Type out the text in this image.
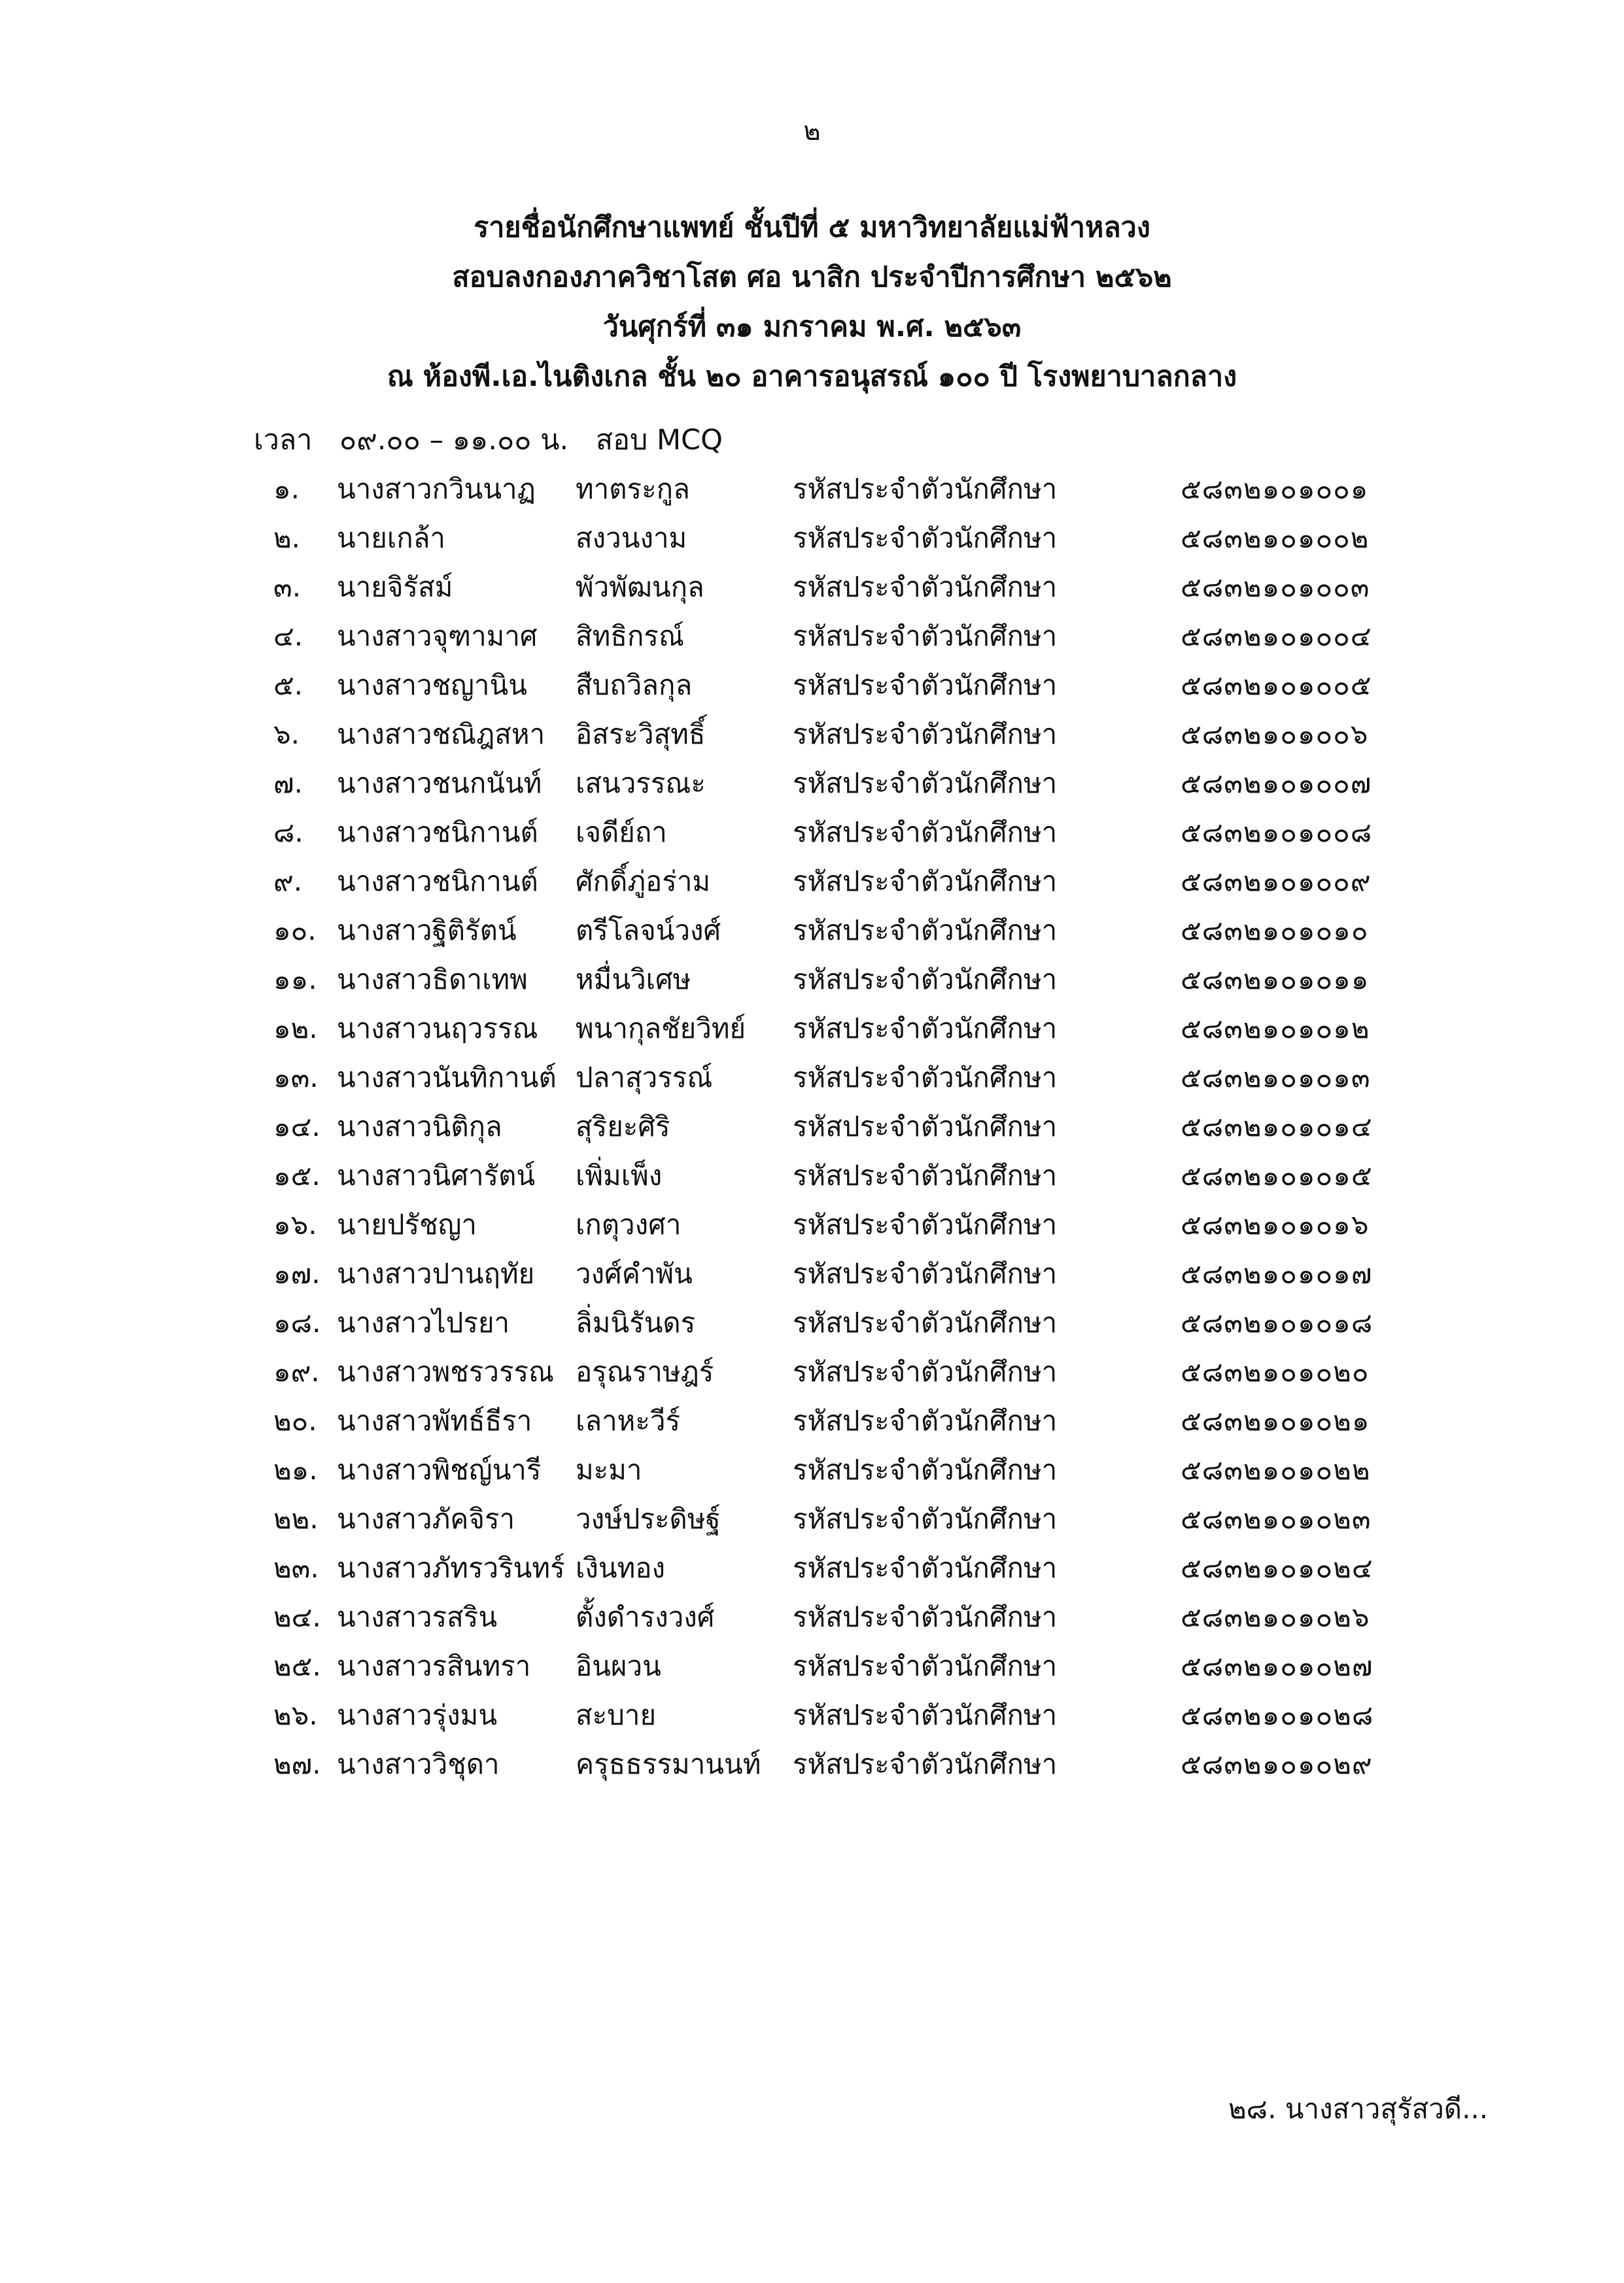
๒
รายชื่อนักศึกษาแพทย์ ชั้นปีที่ ๕ มหาวิทยาลัยแม่ฟ้าหลวง
สอบลงกองภาควิชาโสต ศอ นาสิก ประจำปีการศึกษา ๒๕๖๒
วันศุกร์ที่ ๓๑ มกราคม พ.ศ. ๒๕๖๓
ณ ห้องพี.เอ.ไนติงเกล ชั้น ๒๐ อาคารอนุสรณ์ ๑๐๐ ปี โรงพยาบาลกลาง
เวลา ๐๙.๐๐ – ๑๑.๐๐ น. สอบ MCQ
๑. นางสาวกวินนาฏ ทาตระกูล	รหัสประจำตัวนักศึกษา	๕๘๓๒๑๐๑๐๐๑
๒. นายเกล้า	สงวนงาม	รหัสประจำตัวนักศึกษา	๕๘๓๒๑๐๑๐๐๒
๓. นายจิรัสม์	พัวพัฒนกุล	รหัสประจำตัวนักศึกษา	๕๘๓๒๑๐๑๐๐๓
๔. นางสาวจุฑามาศ สิทธิกรณ์	รหัสประจำตัวนักศึกษา	๕๘๓๒๑๐๑๐๐๔
๕. นางสาวชญานิน สืบถวิลกุล	รหัสประจำตัวนักศึกษา	๕๘๓๒๑๐๑๐๐๕
๖. นางสาวชณิฎสหา อิสระวิสุทธิ์	รหัสประจำตัวนักศึกษา	๕๘๓๒๑๐๑๐๐๖
๗. นางสาวชนกนันท์ เสนวรรณะ	รหัสประจำตัวนักศึกษา	๕๘๓๒๑๐๑๐๐๗
๘. นางสาวชนิกานต์ เจดีย์ถา	รหัสประจำตัวนักศึกษา	๕๘๓๒๑๐๑๐๐๘
๙. นางสาวชนิกานต์ ศักดิ์ภู่อร่าม	รหัสประจำตัวนักศึกษา	๕๘๓๒๑๐๑๐๐๙
๑๐. นางสาวฐิติรัตน์ ตรีโลจน์วงศ์	รหัสประจำตัวนักศึกษา	๕๘๓๒๑๐๑๐๑๐
๑๑. นางสาวธิดาเทพ หมื่นวิเศษ	รหัสประจำตัวนักศึกษา	๕๘๓๒๑๐๑๐๑๑
๑๒. นางสาวนฤวรรณ พนากุลชัยวิทย์ รหัสประจำตัวนักศึกษา	๕๘๓๒๑๐๑๐๑๒
๑๓. นางสาวนันทิกานต์ ปลาสุวรรณ์	รหัสประจำตัวนักศึกษา	๕๘๓๒๑๐๑๐๑๓
๑๔. นางสาวนิติกุล	สุริยะศิริ	รหัสประจำตัวนักศึกษา	๕๘๓๒๑๐๑๐๑๔
๑๕. นางสาวนิศารัตน์ เพิ่มเพ็ง	รหัสประจำตัวนักศึกษา	๕๘๓๒๑๐๑๐๑๕
๑๖. นายปรัชญา	เกตุวงศา	รหัสประจำตัวนักศึกษา	๕๘๓๒๑๐๑๐๑๖
๑๗. นางสาวปานฤทัย วงศ์คำพัน	รหัสประจำตัวนักศึกษา	๕๘๓๒๑๐๑๐๑๗
๑๘. นางสาวไปรยา ลิ่มนิรันดร	รหัสประจำตัวนักศึกษา	๕๘๓๒๑๐๑๐๑๘
๑๙. นางสาวพชรวรรณ อรุณราษฎร์	รหัสประจำตัวนักศึกษา	๕๘๓๒๑๐๑๐๒๐
๒๐. นางสาวพัทธ์ธีรา เลาหะวีร์	รหัสประจำตัวนักศึกษา	๕๘๓๒๑๐๑๐๒๑
๒๑. นางสาวพิชญ์นารี มะมา	รหัสประจำตัวนักศึกษา	๕๘๓๒๑๐๑๐๒๒
๒๒. นางสาวภัคจิรา วงษ์ประดิษฐ์	รหัสประจำตัวนักศึกษา	๕๘๓๒๑๐๑๐๒๓
๒๓. นางสาวภัทรวรินทร์ เงินทอง	รหัสประจำตัวนักศึกษา	๕๘๓๒๑๐๑๐๒๔
๒๔. นางสาวรสริน	ตั้งดำรงวงศ์	รหัสประจำตัวนักศึกษา	๕๘๓๒๑๐๑๐๒๖
๒๕. นางสาวรสินทรา อินผวน	รหัสประจำตัวนักศึกษา	๕๘๓๒๑๐๑๐๒๗
๒๖. นางสาวรุ่งมน	สะบาย	รหัสประจำตัวนักศึกษา	๕๘๓๒๑๐๑๐๒๘
๒๗. นางสาววิชุดา	ครุธธรรมานนท์ รหัสประจำตัวนักศึกษา	๕๘๓๒๑๐๑๐๒๙
๒๘. นางสาวสุรัสวดี...
